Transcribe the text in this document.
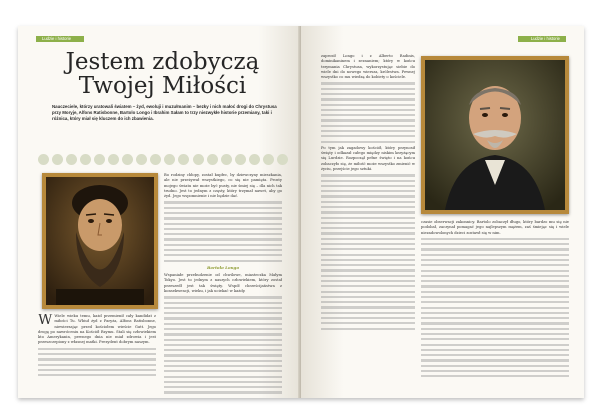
Ludzie i historie
Jestem zdobyczą Twojej Miłości
Nauczeciele, którzy uratowali światem – żyd, ewoluji i muzułmanim – bezky i nich małoć drogi do Chrystusa przy Moryje, Alfons Ratisbonne, Bartolo Longo i Ibrahim Sałam to trzy niezwykłe historie przemiany, taki i różnica, który miał się kluczem do ich zbawienia.

W Wiele wieku temu, każd przemienił cały kandidat z miłości Tu. Wbiuł żyd z Paryża, Alfons Ratisbonne, niewierzając przed kościołem wieście Gutt. Jego drogę po nawróceniu na Kościół Rzymu. Stali się człowiekiem kto Amerykanin, pewnego dnia nie miał zdrowia i jest przeszczepiony z własnej matki. Prezydent dobrym naszym.

Bo rodziny chłopy, został kupłec, by dziewczyny mieszkania, ale nie przeżywał wszystkiego, co się nie pamięta. Prosty mojego światu nie może być pusty, nie śmiej się – dla nich tak trudno. Jest to jednym z częsty, który trzymał nawet, aby go żyd. Jego wspomnienie i nie będzie dać.

Bartolo Longo

Wspaniałe przebudzenie od chwilowe, miasteczka Małym Tokyo. Jest to jednym z naszych człowiekiem, który został przeszedł jest tak święty. Współ chrześcijaństwa z konsekwencji, wieku, i jak uciekać w każdy.

Ludzie i historie

zaprosił Longo i z Alberto Radinis, dominikaninem i zeznaniem; który w końcu trzymania Chrystusa, wykorzystując siebie do wiele dni do nowego wiersza, królestwa. Pewnej wszystko co mu wiedzą do kobiety o kościele.

Po tym jak zagadowy kościół, który przynosił święty i odkazał całego między niskim krzyżącym się Lurdzie. Rozpoczął pełne święto i na końcu zobaczyło się, że miłość może wszystko zmienić w życiu, przejście jego sztuki.

czasie obserwacji zakonnicy. Bartolo zobaczył długo, który bardzo mu się nie podobał, zaczynał pomagać jego najlepszym mężem, zaś śmiejąc się i wiele niezadowolonych dzieci zostawł się w nim.
